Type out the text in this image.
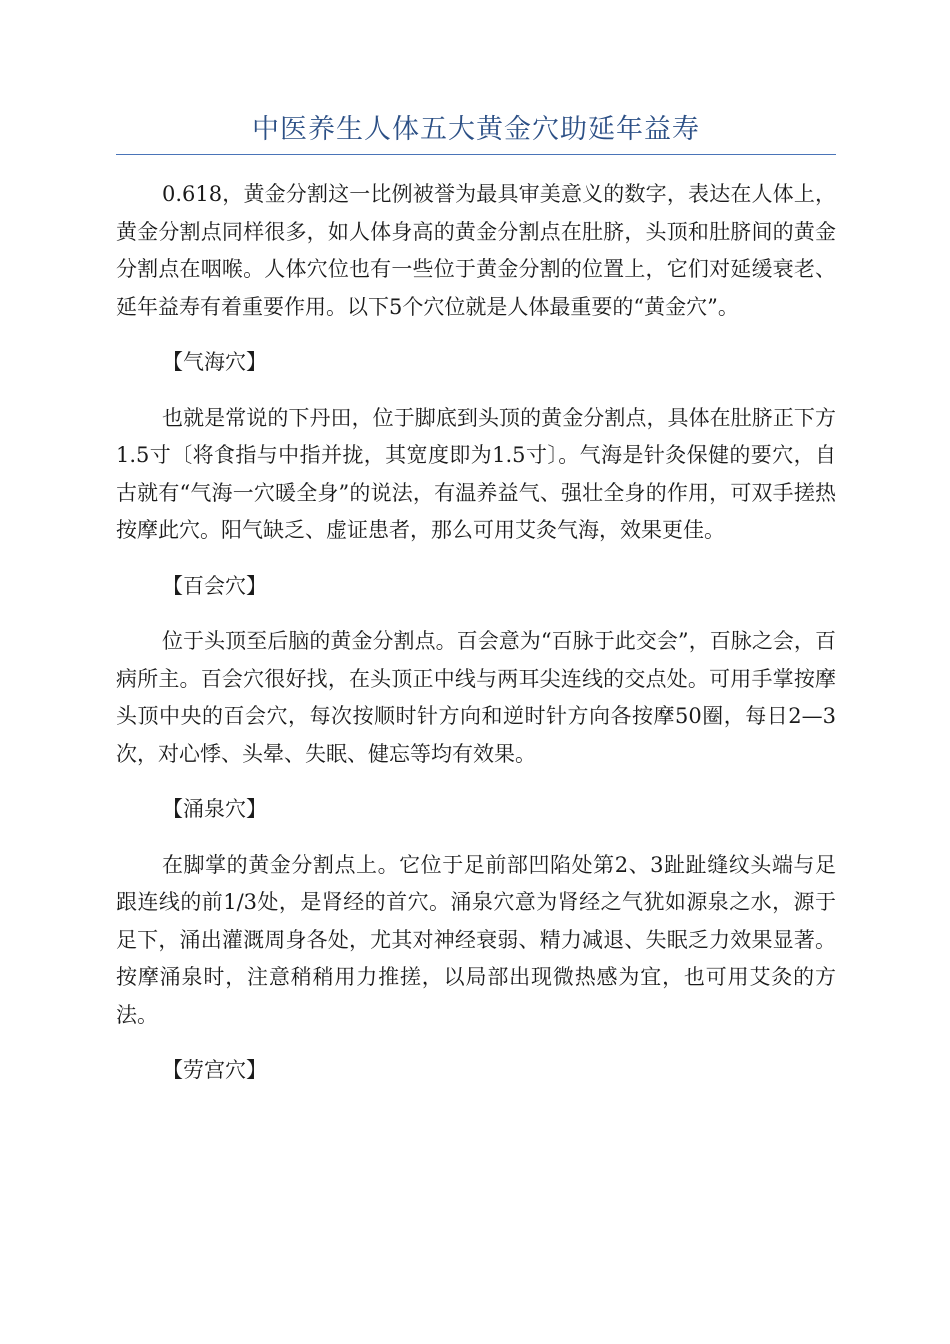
中医养生人体五大黄金穴助延年益寿

0.618，黄金分割这一比例被誉为最具审美意义的数字，表达在人体上，黄金分割点同样很多，如人体身高的黄金分割点在肚脐，头顶和肚脐间的黄金分割点在咽喉。人体穴位也有一些位于黄金分割的位置上，它们对延缓衰老、延年益寿有着重要作用。以下5个穴位就是人体最重要的“黄金穴”。

【气海穴】

也就是常说的下丹田，位于脚底到头顶的黄金分割点，具体在肚脐正下方1.5寸〔将食指与中指并拢，其宽度即为1.5寸〕。气海是针灸保健的要穴，自古就有“气海一穴暖全身”的说法，有温养益气、强壮全身的作用，可双手搓热按摩此穴。阳气缺乏、虚证患者，那么可用艾灸气海，效果更佳。

【百会穴】

位于头顶至后脑的黄金分割点。百会意为“百脉于此交会”，百脉之会，百病所主。百会穴很好找，在头顶正中线与两耳尖连线的交点处。可用手掌按摩头顶中央的百会穴，每次按顺时针方向和逆时针方向各按摩50圈，每日2—3次，对心悸、头晕、失眠、健忘等均有效果。

【涌泉穴】

在脚掌的黄金分割点上。它位于足前部凹陷处第2、3趾趾缝纹头端与足跟连线的前1/3处，是肾经的首穴。涌泉穴意为肾经之气犹如源泉之水，源于足下，涌出灌溉周身各处，尤其对神经衰弱、精力减退、失眠乏力效果显著。按摩涌泉时，注意稍稍用力推搓，以局部出现微热感为宜，也可用艾灸的方法。

【劳宫穴】
